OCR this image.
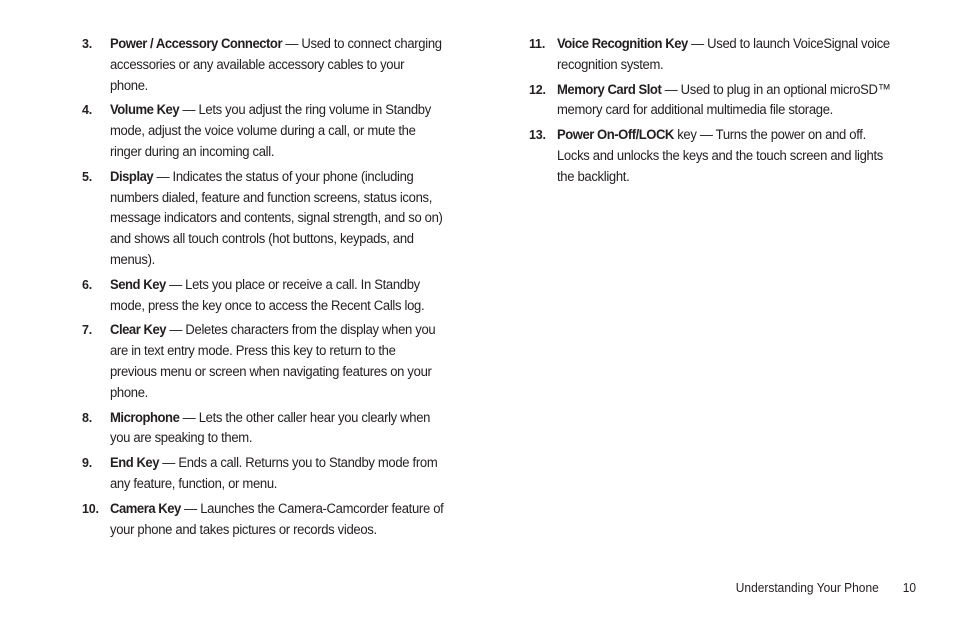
3.	Power / Accessory Connector — Used to connect charging accessories or any available accessory cables to your phone.
4.	Volume Key — Lets you adjust the ring volume in Standby mode, adjust the voice volume during a call, or mute the ringer during an incoming call.
5.	Display — Indicates the status of your phone (including numbers dialed, feature and function screens, status icons, message indicators and contents, signal strength, and so on) and shows all touch controls (hot buttons, keypads, and menus).
6.	Send Key — Lets you place or receive a call. In Standby mode, press the key once to access the Recent Calls log.
7.	Clear Key — Deletes characters from the display when you are in text entry mode. Press this key to return to the previous menu or screen when navigating features on your phone.
8.	Microphone — Lets the other caller hear you clearly when you are speaking to them.
9.	End Key — Ends a call. Returns you to Standby mode from any feature, function, or menu.
10. Camera Key — Launches the Camera-Camcorder feature of your phone and takes pictures or records videos.
11. Voice Recognition Key — Used to launch VoiceSignal voice recognition system.
12. Memory Card Slot — Used to plug in an optional microSD™ memory card for additional multimedia file storage.
13. Power On-Off/LOCK key — Turns the power on and off. Locks and unlocks the keys and the touch screen and lights the backlight.
Understanding Your Phone 10
